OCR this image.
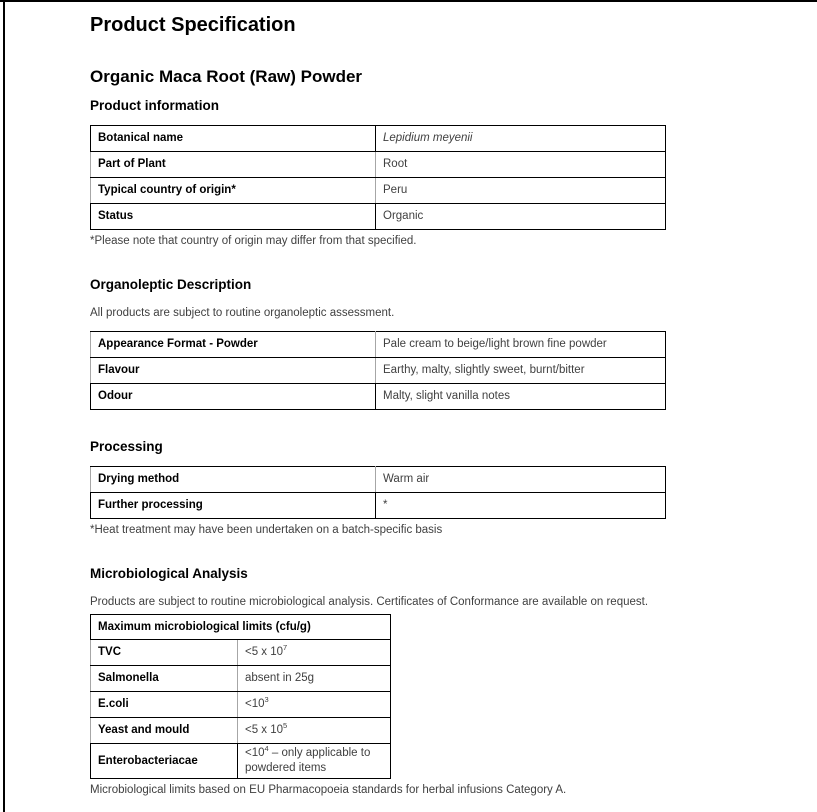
Product Specification
Organic Maca Root (Raw) Powder
Product information
Botanical name	Lepidium meyenii
Part of Plant	Root
Typical country of origin*	Peru
Status	Organic

*Please note that country of origin may differ from that specified.

Organoleptic Description

All products are subject to routine organoleptic assessment.

Appearance Format - Powder	Pale cream to beige/light brown fine powder
Flavour	Earthy, malty, slightly sweet, burnt/bitter
Odour	Malty, slight vanilla notes
Processing
Drying method	Warm air
Further processing	*

*Heat treatment may have been undertaken on a batch-specific basis

Microbiological Analysis

Products are subject to routine microbiological analysis. Certificates of Conformance are available on request.

Maximum microbiological limits (cfu/g)	
TVC	<5 x $10^7$
Salmonella	absent in 25g
E.coli	$<10^3$
Yeast and mould	<5 x $10^5$
Enterobacteriacae	$<10^4$ – only applicable to powdered items

Microbiological limits based on EU Pharmacopoeia standards for herbal infusions Category A.
